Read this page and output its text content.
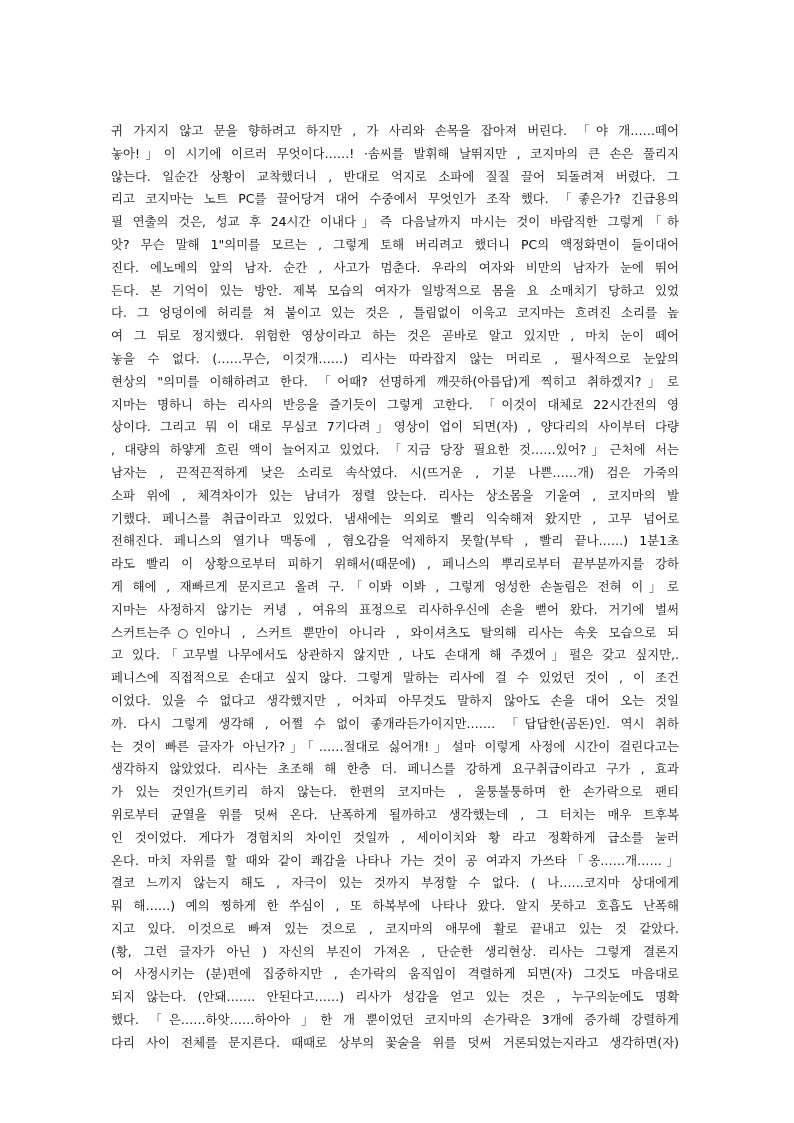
귀 가지지 않고 문을 향하려고 하지만 , 가 사리와 손목을 잡아져 버린다. 「야 개……떼어
놓아!」이 시기에 이르러 무엇이다……! ·솜씨를 발휘해 날뛰지만 , 코지마의 큰 손은 풀리지
않는다. 일순간 상황이 교착했더니 , 반대로 억지로 소파에 질질 끌어 되돌려져 버렸다. 그
리고 코지마는 노트 PC를 끌어당겨 대어 수중에서 무엇인가 조작 했다. 「좋은가? 긴급용의
필 연출의 것은, 성교 후 24시간 이내다」즉 다음날까지 마시는 것이 바람직한 그렇게「하
앗? 무슨 말해 1"의미를 모르는 , 그렇게 토해 버리려고 했더니 PC의 액정화면이 들이대어
진다. 에노메의 앞의 남자. 순간 , 사고가 멈춘다. 우라의 여자와 비만의 남자가 눈에 뛰어
든다. 본 기억이 있는 방안. 제복 모습의 여자가 일방적으로 몸을 요 소매치기 당하고 있었
다. 그 엉덩이에 허리를 쳐 붙이고 있는 것은 , 틀림없이 이욱고 코지마는 흐려진 소리를 높
여 그 뒤로 정지했다. 위험한 영상이라고 하는 것은 곧바로 알고 있지만 , 마치 눈이 떼어
놓을 수 없다. (……무슨, 이것개……) 리사는 따라잡지 않는 머리로 , 필사적으로 눈앞의
현상의 "의미를 이해하려고 한다. 「어때? 선명하게 깨끗하(아름답)게 찍히고 취하겠지?」로
지마는 명하니 하는 리사의 반응을 즐기듯이 그렇게 고한다. 「이것이 대체로 22시간전의 영
상이다. 그리고 뭐 이 대로 무심코 7기다려」영상이 업이 되면(자) , 양다리의 사이부터 다량
, 대량의 하얗게 흐린 액이 늘어지고 있었다. 「지금 당장 필요한 것……있어?」근처에 서는
남자는 , 끈적끈적하게 낮은 소리로 속삭였다. 시(뜨거운 , 기분 나쁜……개) 검은 가죽의
소파 위에 , 체격차이가 있는 남녀가 정렬 앉는다. 리사는 상소몸을 기울여 , 코지마의 발
기했다. 페니스를 취급이라고 있었다. 냄새에는 의외로 빨리 익숙해져 왔지만 , 고무 넘어로
전해진다. 페니스의 열기나 맥동에 , 혐오감을 억제하지 못할(부탁 , 빨리 끝나……) 1분1초
라도 빨리 이 상황으로부터 피하기 위해서(때문에) , 페니스의 뿌리로부터 끝부분까지를 강하
게 해에 , 재빠르게 문지르고 올려 구.「이봐 이봐 , 그렇게 엉성한 손놀림은 전혀 이」로
지마는 사정하지 않기는 커녕 , 여유의 표정으로 리사하우신에 손을 뻗어 왔다. 거기에 벌써
스커트는주○인아니 , 스커트 뿐만이 아니라 , 와이셔츠도 탈의해 리사는 속옷 모습으로 되
고 있다.「고무벌 나무에서도 상관하지 않지만 , 나도 손대게 해 주겠어」펄은 갖고 싶지만,.
페니스에 직접적으로 손대고 싶지 않다. 그렇게 말하는 리사에 걸 수 있었던 것이 , 이 조건
이었다. 있을 수 없다고 생각했지만 , 어차피 아무것도 말하지 않아도 손을 대어 오는 것일
까. 다시 그렇게 생각해 , 어쩔 수 없이 좋개라든가이지만……. 「답답한(곰돈)인. 역시 취하
는 것이 빠른 글자가 아닌가?」「……절대로 싫어개!」설마 이렇게 사정에 시간이 걸린다고는
생각하지 않았었다. 리사는 초조해 해 한층 더. 페니스를 강하게 요구취급이라고 구가 , 효과
가 있는 것인가(트키리 하지 않는다. 한편의 코지마는 , 울퉁불퉁하며 한 손가락으로 팬티
위로부터 균열을 위를 덧써 온다. 난폭하게 될까하고 생각했는데 , 그 터치는 매우 트후복
인 것이었다. 게다가 경험치의 차이인 것일까 , 세이이치와 황 라고 정확하게 급소를 눌러
온다. 마치 자위를 할 때와 같이 쾌감을 나타나 가는 것이 공 여과지 가쓰타「옹……개……」
결코 느끼지 않는지 해도 , 자극이 있는 것까지 부정할 수 없다. ( 나……코지마 상대에게
뭐 해……) 예의 찡하게 한 쑤심이 , 또 하복부에 나타나 왔다. 알지 못하고 호흡도 난폭해
지고 있다. 이것으로 빠져 있는 것으로 , 코지마의 애무에 활로 끝내고 있는 것 같았다.
(황, 그런 글자가 아닌 ) 자신의 부진이 가져온 , 단순한 생리현상. 리사는 그렇게 결론지
어 사정시키는 (분)편에 집중하지만 , 손가락의 움직임이 격렬하게 되면(자) 그것도 마음대로
되지 않는다. (안돼……. 안된다고……) 리사가 성감을 얻고 있는 것은 , 누구의눈에도 명확
했다. 「은……하앗……하아아 」한 개 뿐이었던 코지마의 손가락은 3개에 증가해 강렬하게
다리 사이 전체를 문지른다. 때때로 상부의 꽃술을 위를 덧써 거론되었는지라고 생각하면(자)
